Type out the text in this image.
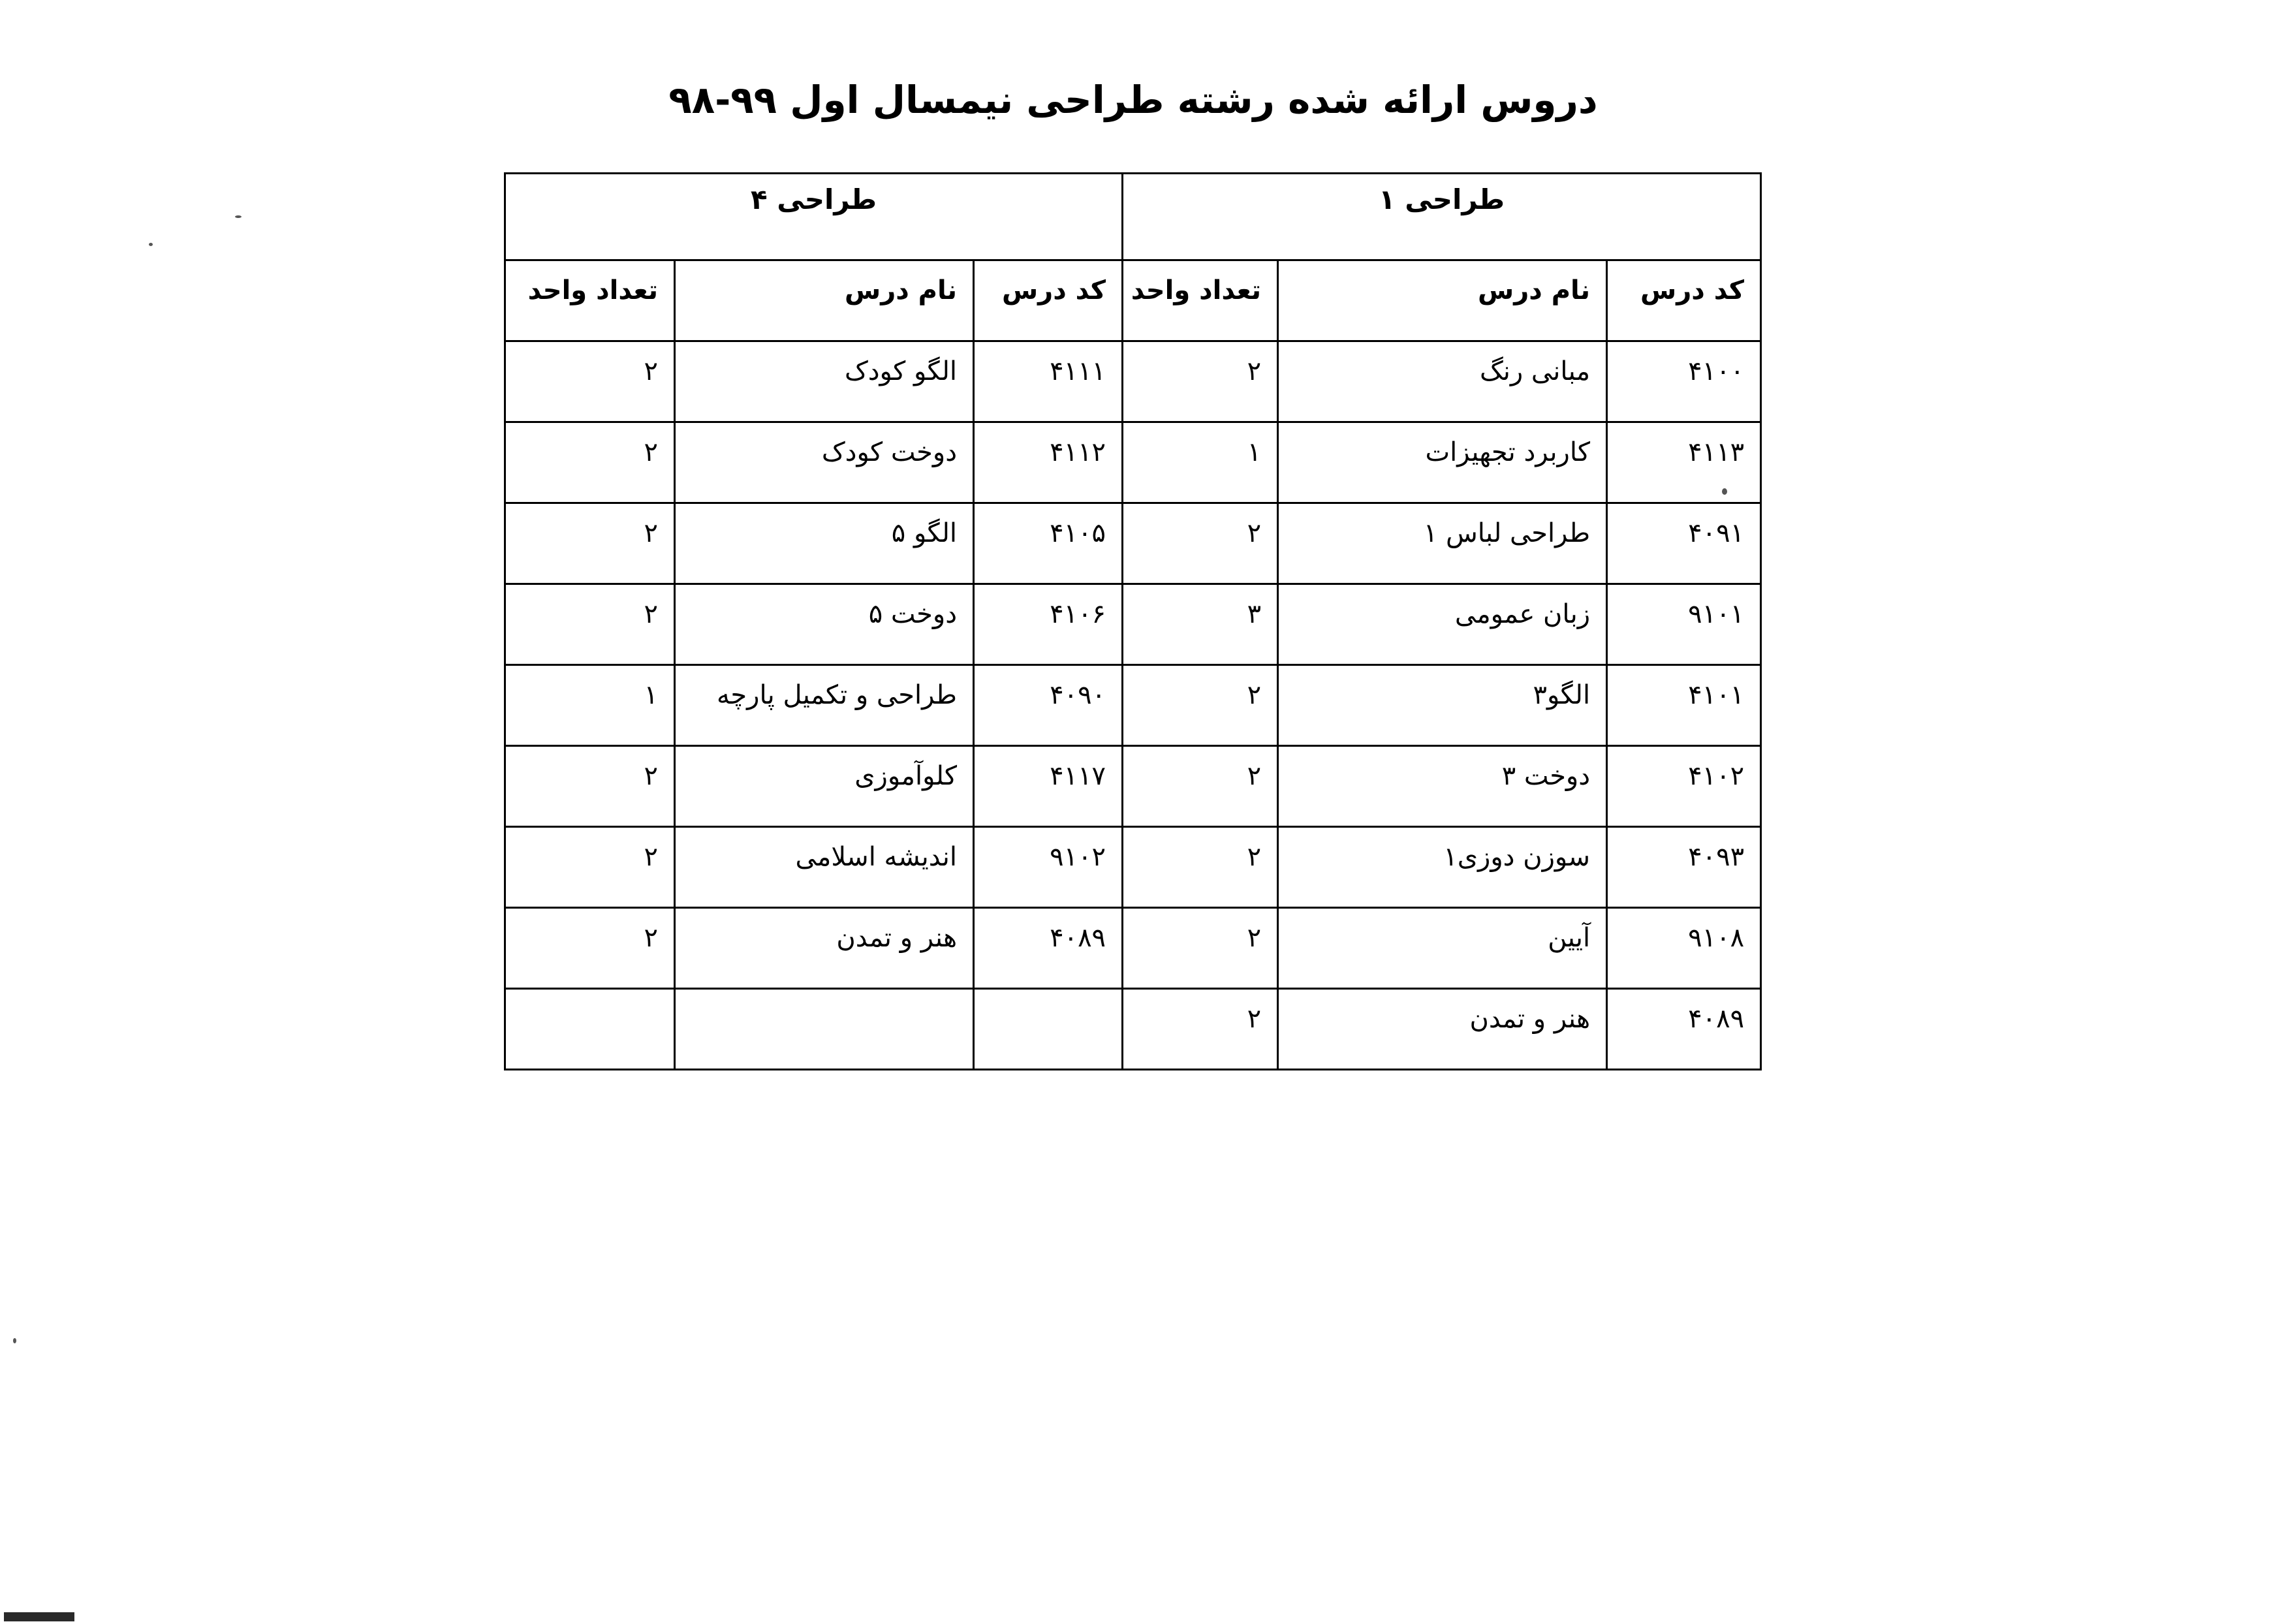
دروس ارائه شده رشته طراحی نیمسال اول ۹۹-۹۸
طراحی ۱			طراحی ۴		
کد درس	نام درس	تعداد واحد	کد درس	نام درس	تعداد واحد
۴۱۰۰	مبانی رنگ	۲	۴۱۱۱	الگو کودک	۲
۴۱۱۳	کاربرد تجهیزات	۱	۴۱۱۲	دوخت کودک	۲
۴۰۹۱	طراحی لباس ۱	۲	۴۱۰۵	الگو ۵	۲
۹۱۰۱	زبان عمومی	۳	۴۱۰۶	دوخت ۵	۲
۴۱۰۱	الگو۳	۲	۴۰۹۰	طراحی و تکمیل پارچه	۱
۴۱۰۲	دوخت ۳	۲	۴۱۱۷	کلوآموزی	۲
۴۰۹۳	سوزن دوزی۱	۲	۹۱۰۲	اندیشه اسلامی	۲
۹۱۰۸	آیین	۲	۴۰۸۹	هنر و تمدن	۲
۴۰۸۹	هنر و تمدن	۲			
